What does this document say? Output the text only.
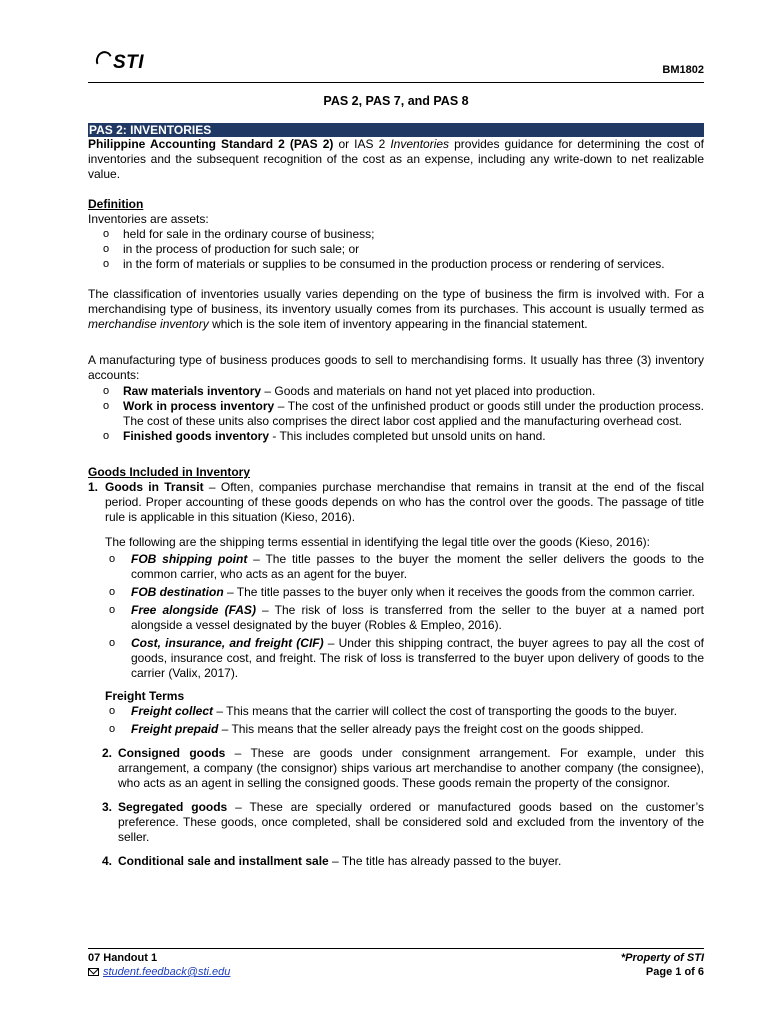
STI	BM1802
PAS 2, PAS 7, and PAS 8
PAS 2: INVENTORIES

Philippine Accounting Standard 2 (PAS 2) or IAS 2 Inventories provides guidance for determining the cost of inventories and the subsequent recognition of the cost as an expense, including any write-down to net realizable value.

Definition

Inventories are assets:

o held for sale in the ordinary course of business;
o in the process of production for such sale; or
o in the form of materials or supplies to be consumed in the production process or rendering of services.

The classification of inventories usually varies depending on the type of business the firm is involved with. For a merchandising type of business, its inventory usually comes from its purchases. This account is usually termed as merchandise inventory which is the sole item of inventory appearing in the financial statement.

A manufacturing type of business produces goods to sell to merchandising forms. It usually has three (3) inventory accounts:

o Raw materials inventory – Goods and materials on hand not yet placed into production.
o Work in process inventory – The cost of the unfinished product or goods still under the production process. The cost of these units also comprises the direct labor cost applied and the manufacturing overhead cost.
o Finished goods inventory - This includes completed but unsold units on hand.

Goods Included in Inventory

1. Goods in Transit – Often, companies purchase merchandise that remains in transit at the end of the fiscal period. Proper accounting of these goods depends on who has the control over the goods. The passage of title rule is applicable in this situation (Kieso, 2016).

The following are the shipping terms essential in identifying the legal title over the goods (Kieso, 2016):

o FOB shipping point – The title passes to the buyer the moment the seller delivers the goods to the common carrier, who acts as an agent for the buyer.
o FOB destination – The title passes to the buyer only when it receives the goods from the common carrier.
o Free alongside (FAS) – The risk of loss is transferred from the seller to the buyer at a named port alongside a vessel designated by the buyer (Robles & Empleo, 2016).
o Cost, insurance, and freight (CIF) – Under this shipping contract, the buyer agrees to pay all the cost of goods, insurance cost, and freight. The risk of loss is transferred to the buyer upon delivery of goods to the carrier (Valix, 2017).

Freight Terms

o Freight collect – This means that the carrier will collect the cost of transporting the goods to the buyer.
o Freight prepaid – This means that the seller already pays the freight cost on the goods shipped.
2. Consigned goods – These are goods under consignment arrangement. For example, under this arrangement, a company (the consignor) ships various art merchandise to another company (the consignee), who acts as an agent in selling the consigned goods. These goods remain the property of the consignor.
3. Segregated goods – These are specially ordered or manufactured goods based on the customer’s preference. These goods, once completed, shall be considered sold and excluded from the inventory of the seller.
4. Conditional sale and installment sale – The title has already passed to the buyer.
07 Handout 1
student.feedback@sti.edu
*Property of STI
Page 1 of 6
